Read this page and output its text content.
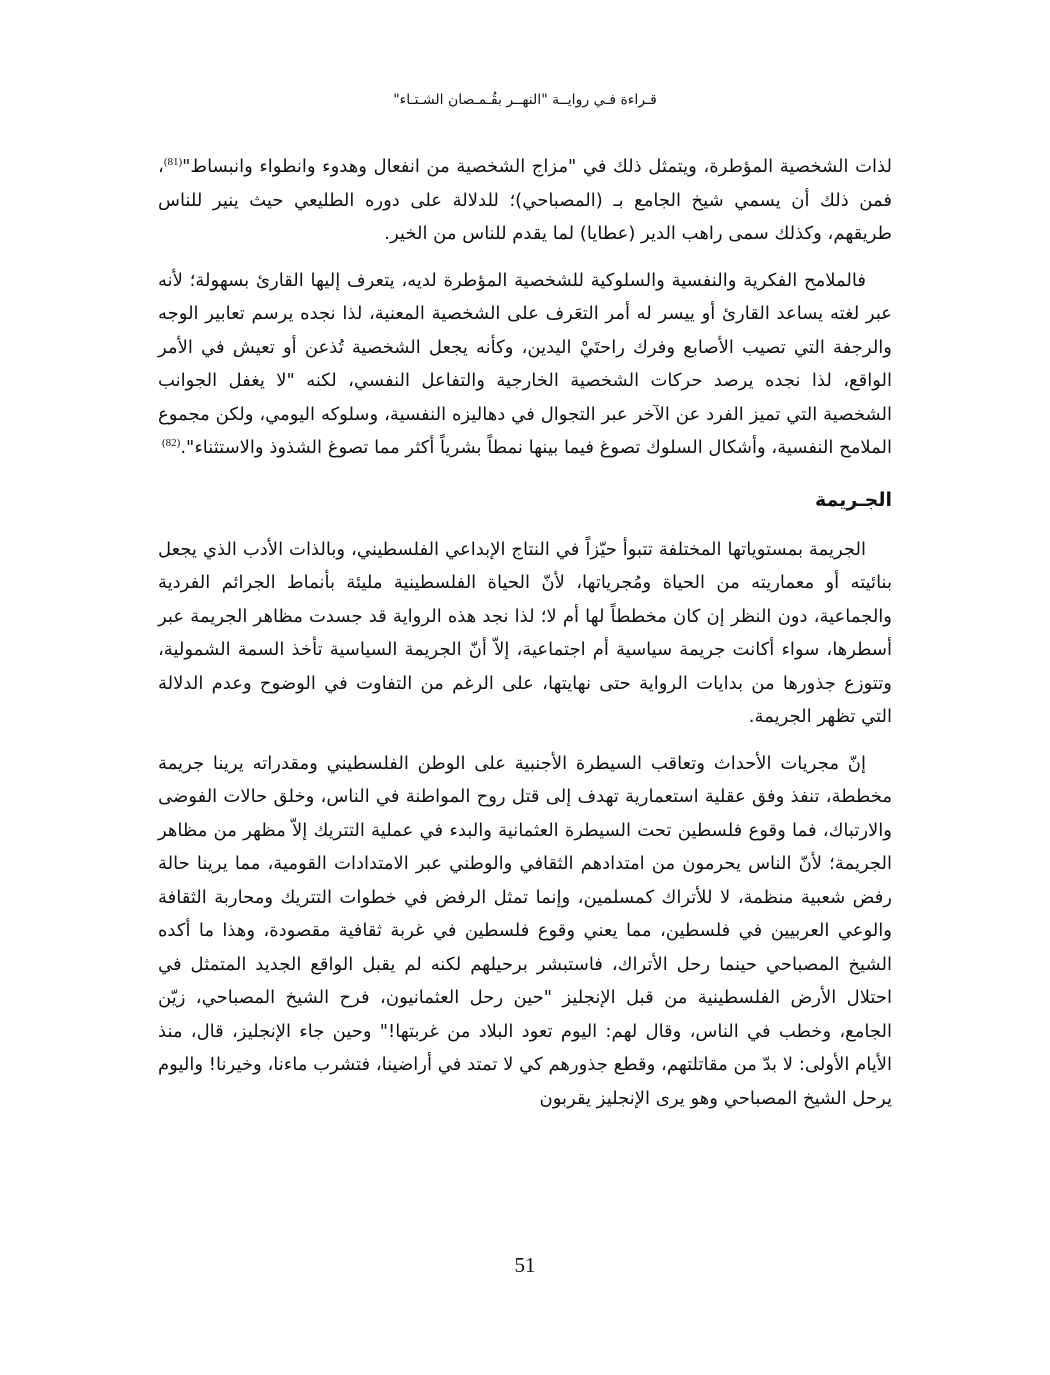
قـراءة فـي روايــة "النهــر بقُـمـصان الشـتـاء"

لذات الشخصية المؤطرة، ويتمثل ذلك في "مزاج الشخصية من انفعال وهدوء وانطواء وانبساط"$^{(81)}$، فمن ذلك أن يسمي شيخ الجامع بـ (المصباحي)؛ للدلالة على دوره الطليعي حيث ينير للناس طريقهم، وكذلك سمى راهب الدير (عطايا) لما يقدم للناس من الخير.

فالملامح الفكرية والنفسية والسلوكية للشخصية المؤطرة لديه، يتعرف إليها القارئ بسهولة؛ لأنه عبر لغته يساعد القارئ أو ييسر له أمر التعَرف على الشخصية المعنية، لذا نجده يرسم تعابير الوجه والرجفة التي تصيب الأصابع وفرك راحتَيْ اليدين، وكأنه يجعل الشخصية تُذعن أو تعيش في الأمر الواقع، لذا نجده يرصد حركات الشخصية الخارجية والتفاعل النفسي، لكنه "لا يغفل الجوانب الشخصية التي تميز الفرد عن الآخر عبر التجوال في دهاليزه النفسية، وسلوكه اليومي، ولكن مجموع الملامح النفسية، وأشكال السلوك تصوغ فيما بينها نمطاً بشرياً أكثر مما تصوغ الشذوذ والاستثناء".$^{(82)}$

الجـريمة

الجريمة بمستوياتها المختلفة تتبوأ حيّزاً في النتاج الإبداعي الفلسطيني، وبالذات الأدب الذي يجعل بنائيته أو معماريته من الحياة ومُجرياتها، لأنّ الحياة الفلسطينية مليئة بأنماط الجرائم الفردية والجماعية، دون النظر إن كان مخططاً لها أم لا؛ لذا نجد هذه الرواية قد جسدت مظاهر الجريمة عبر أسطرها، سواء أكانت جريمة سياسية أم اجتماعية، إلاّ أنّ الجريمة السياسية تأخذ السمة الشمولية، وتتوزع جذورها من بدايات الرواية حتى نهايتها، على الرغم من التفاوت في الوضوح وعدم الدلالة التي تظهر الجريمة.

إنّ مجريات الأحداث وتعاقب السيطرة الأجنبية على الوطن الفلسطيني ومقدراته يرينا جريمة مخططة، تنفذ وفق عقلية استعمارية تهدف إلى قتل روح المواطنة في الناس، وخلق حالات الفوضى والارتباك، فما وقوع فلسطين تحت السيطرة العثمانية والبدء في عملية التتريك إلاّ مظهر من مظاهر الجريمة؛ لأنّ الناس يحرمون من امتدادهم الثقافي والوطني عبر الامتدادات القومية، مما يرينا حالة رفض شعبية منظمة، لا للأتراك كمسلمين، وإنما تمثل الرفض في خطوات التتريك ومحاربة الثقافة والوعي العربيين في فلسطين، مما يعني وقوع فلسطين في غربة ثقافية مقصودة، وهذا ما أكده الشيخ المصباحي حينما رحل الأتراك، فاستبشر برحيلهم لكنه لم يقبل الواقع الجديد المتمثل في احتلال الأرض الفلسطينية من قبل الإنجليز "حين رحل العثمانيون، فرح الشيخ المصباحي، زيّن الجامع، وخطب في الناس، وقال لهم: اليوم تعود البلاد من غربتها!" وحين جاء الإنجليز، قال، منذ الأيام الأولى: لا بدّ من مقاتلتهم، وقطع جذورهم كي لا تمتد في أراضينا، فتشرب ماءنا، وخيرنا! واليوم يرحل الشيخ المصباحي وهو يرى الإنجليز يقربون

51
